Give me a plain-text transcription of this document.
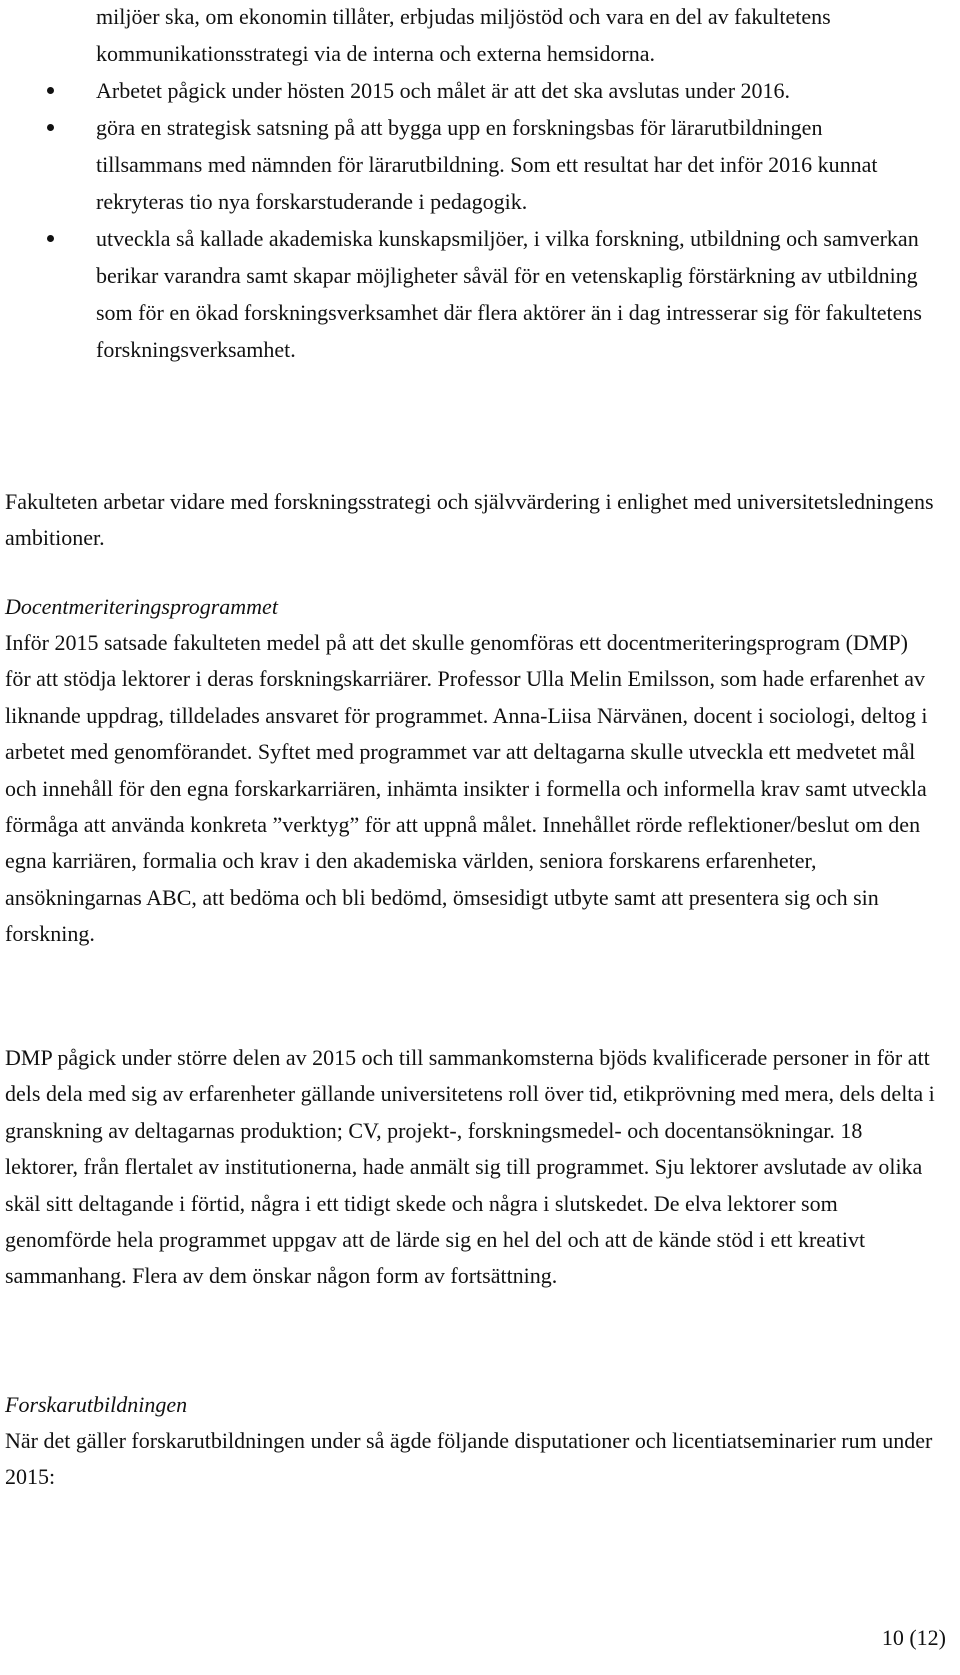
miljöer ska, om ekonomin tillåter, erbjudas miljöstöd och vara en del av fakultetens kommunikationsstrategi via de interna och externa hemsidorna.
Arbetet pågick under hösten 2015 och målet är att det ska avslutas under 2016.
göra en strategisk satsning på att bygga upp en forskningsbas för lärarutbildningen tillsammans med nämnden för lärarutbildning. Som ett resultat har det inför 2016 kunnat rekryteras tio nya forskarstuderande i pedagogik.
utveckla så kallade akademiska kunskapsmiljöer, i vilka forskning, utbildning och samverkan berikar varandra samt skapar möjligheter såväl för en vetenskaplig förstärkning av utbildning som för en ökad forskningsverksamhet där flera aktörer än i dag intresserar sig för fakultetens forskningsverksamhet.

Fakulteten arbetar vidare med forskningsstrategi och självvärdering i enlighet med universitetsledningens ambitioner.

Docentmeriteringsprogrammet

Inför 2015 satsade fakulteten medel på att det skulle genomföras ett docentmeriteringsprogram (DMP) för att stödja lektorer i deras forskningskarriärer. Professor Ulla Melin Emilsson, som hade erfarenhet av liknande uppdrag, tilldelades ansvaret för programmet. Anna-Liisa Närvänen, docent i sociologi, deltog i arbetet med genomförandet. Syftet med programmet var att deltagarna skulle utveckla ett medvetet mål och innehåll för den egna forskarkarriären, inhämta insikter i formella och informella krav samt utveckla förmåga att använda konkreta ”verktyg” för att uppnå målet. Innehållet rörde reflektioner/beslut om den egna karriären, formalia och krav i den akademiska världen, seniora forskarens erfarenheter, ansökningarnas ABC, att bedöma och bli bedömd, ömsesidigt utbyte samt att presentera sig och sin forskning.

DMP pågick under större delen av 2015 och till sammankomsterna bjöds kvalificerade personer in för att dels dela med sig av erfarenheter gällande universitetens roll över tid, etikprövning med mera, dels delta i granskning av deltagarnas produktion; CV, projekt-, forskningsmedel- och docentansökningar. 18 lektorer, från flertalet av institutionerna, hade anmält sig till programmet. Sju lektorer avslutade av olika skäl sitt deltagande i förtid, några i ett tidigt skede och några i slutskedet. De elva lektorer som genomförde hela programmet uppgav att de lärde sig en hel del och att de kände stöd i ett kreativt sammanhang. Flera av dem önskar någon form av fortsättning.

Forskarutbildningen

När det gäller forskarutbildningen under så ägde följande disputationer och licentiatseminarier rum under 2015:

10 (12)
